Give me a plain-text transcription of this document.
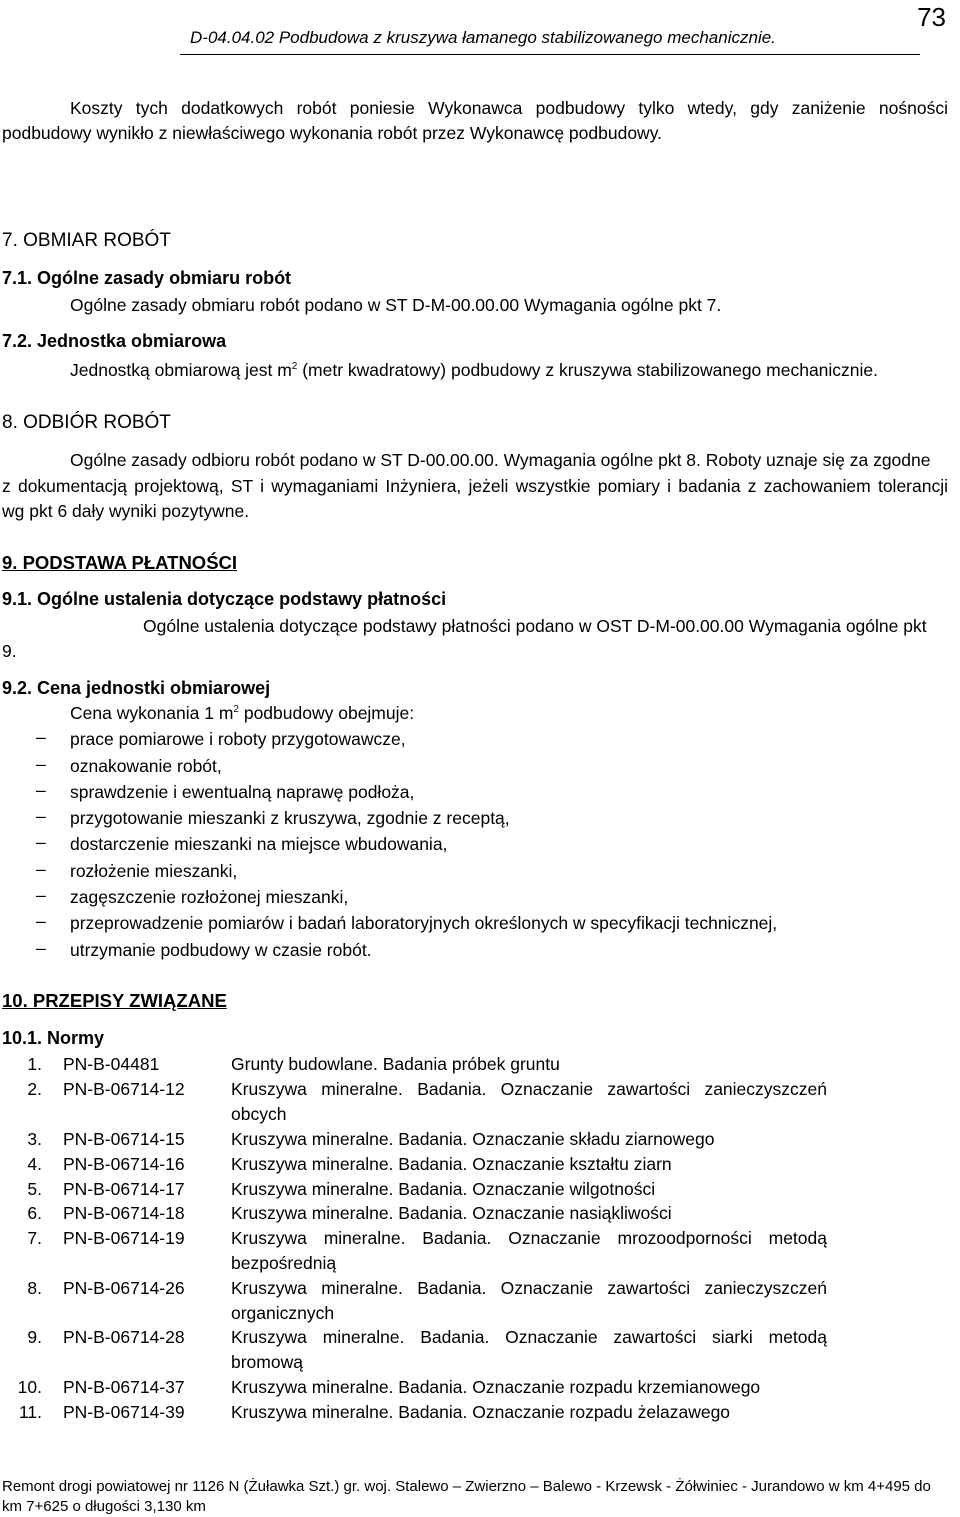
D-04.04.02 Podbudowa z kruszywa łamanego stabilizowanego mechanicznie.
73
Koszty tych dodatkowych robót poniesie Wykonawca podbudowy tylko wtedy, gdy zaniżenie nośności
podbudowy wynikło z niewłaściwego wykonania robót przez Wykonawcę podbudowy.
7. OBMIAR ROBÓT
7.1. Ogólne zasady obmiaru robót
Ogólne zasady obmiaru robót podano w ST D-M-00.00.00 Wymagania ogólne pkt 7.
7.2. Jednostka obmiarowa
Jednostką obmiarową jest $m^2$ (metr kwadratowy) podbudowy z kruszywa stabilizowanego mechanicznie.
8. ODBIÓR ROBÓT
Ogólne zasady odbioru robót podano w ST D-00.00.00. Wymagania ogólne pkt 8. Roboty uznaje się za zgodne
z dokumentacją projektową, ST i wymaganiami Inżyniera, jeżeli wszystkie pomiary i badania z zachowaniem tolerancji
wg pkt 6 dały wyniki pozytywne.
9. PODSTAWA PŁATNOŚCI
9.1. Ogólne ustalenia dotyczące podstawy płatności
Ogólne ustalenia dotyczące podstawy płatności podano w OST D-M-00.00.00 Wymagania ogólne pkt
9.
9.2. Cena jednostki obmiarowej
Cena wykonania 1 $m^2$ podbudowy obejmuje:
– prace pomiarowe i roboty przygotowawcze,
– oznakowanie robót,
– sprawdzenie i ewentualną naprawę podłoża,
– przygotowanie mieszanki z kruszywa, zgodnie z receptą,
– dostarczenie mieszanki na miejsce wbudowania,
– rozłożenie mieszanki,
– zagęszczenie rozłożonej mieszanki,
– przeprowadzenie pomiarów i badań laboratoryjnych określonych w specyfikacji technicznej,
– utrzymanie podbudowy w czasie robót.
10. PRZEPISY ZWIĄZANE
10.1. Normy
1. PN-B-04481	Grunty budowlane. Badania próbek gruntu
2. PN-B-06714-12	Kruszywa mineralne. Badania. Oznaczanie zawartości zanieczyszczeń
obcych
3. PN-B-06714-15	Kruszywa mineralne. Badania. Oznaczanie składu ziarnowego
4. PN-B-06714-16	Kruszywa mineralne. Badania. Oznaczanie kształtu ziarn
5. PN-B-06714-17	Kruszywa mineralne. Badania. Oznaczanie wilgotności
6. PN-B-06714-18	Kruszywa mineralne. Badania. Oznaczanie nasiąkliwości
7. PN-B-06714-19	Kruszywa mineralne. Badania. Oznaczanie mrozoodporności metodą
bezpośrednią
8. PN-B-06714-26	Kruszywa mineralne. Badania. Oznaczanie zawartości zanieczyszczeń
organicznych
9. PN-B-06714-28	Kruszywa mineralne. Badania. Oznaczanie zawartości siarki metodą
bromową
10. PN-B-06714-37	Kruszywa mineralne. Badania. Oznaczanie rozpadu krzemianowego
11. PN-B-06714-39	Kruszywa mineralne. Badania. Oznaczanie rozpadu żelazawego
Remont drogi powiatowej nr 1126 N (Żuławka Szt.) gr. woj. Stalewo – Zwierzno – Balewo - Krzewsk - Żółwiniec - Jurandowo w km 4+495 do
km 7+625 o długości 3,130 km
